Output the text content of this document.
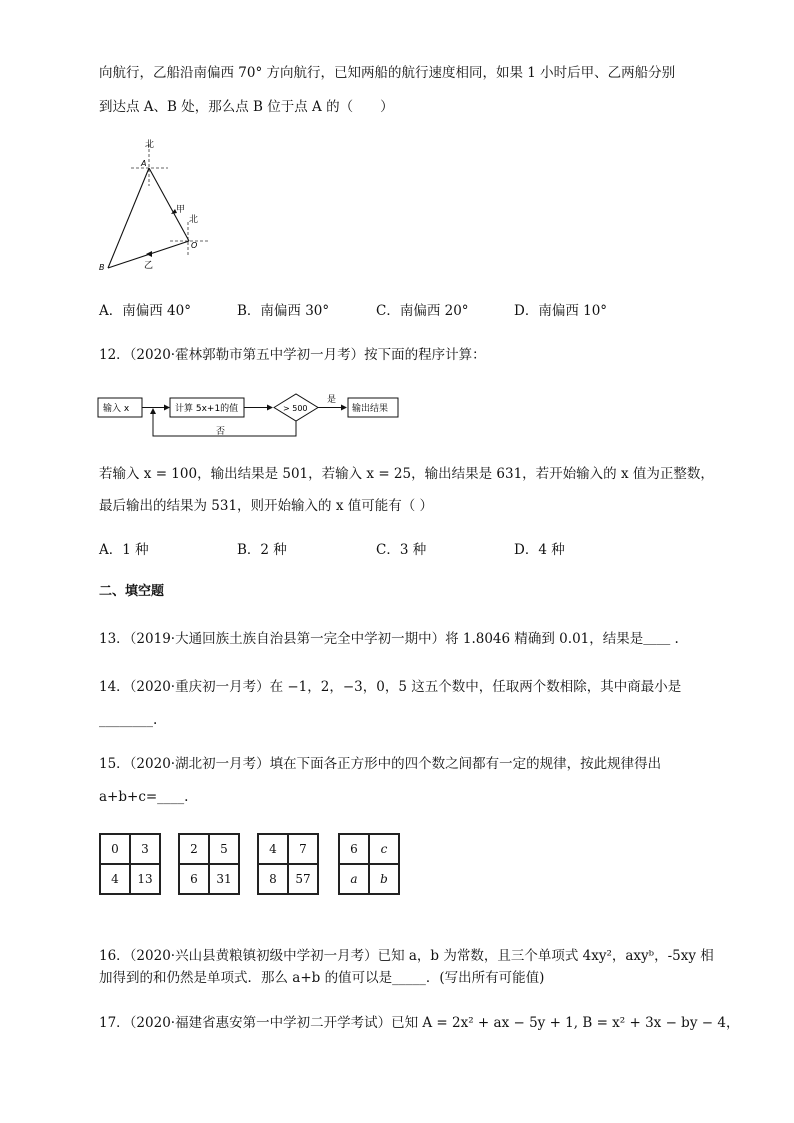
向航行，乙船沿南偏西 70° 方向航行，已知两船的航行速度相同，如果 1 小时后甲、乙两船分别
到达点 A、B 处，那么点 B 位于点 A 的（　　）
北
A
甲
北
O
B	乙
A．南偏西 40°	B．南偏西 30°	C．南偏西 20°	D．南偏西 10°
12．（2020·霍林郭勒市第五中学初一月考）按下面的程序计算：
输入 x	计算 5x+1的值	> 500
是
输出结果
否
若输入 x = 100，输出结果是 501，若输入 x = 25，输出结果是 631，若开始输入的 x 值为正整数，
最后输出的结果为 531，则开始输入的 x 值可能有（ ）
A．1 种	B．2 种	C．3 种	D．4 种
二、填空题
13．（2019·大通回族土族自治县第一完全中学初一期中）将 1.8046 精确到 0.01，结果是＿＿ .
14．（2020·重庆初一月考）在 −1，2，−3，0，5 这五个数中，任取两个数相除，其中商最小是
________.
15．（2020·湖北初一月考）填在下面各正方形中的四个数之间都有一定的规律，按此规律得出
a+b+c=____.
0	3
4	13
2	5
6	31
4	7
8	57
6	c
a	b
16．（2020·兴山县黄粮镇初级中学初一月考）已知 a，b 为常数，且三个单项式 4xy²，axyᵇ，-5xy 相
加得到的和仍然是单项式．那么 a+b 的值可以是_____．(写出所有可能值)
17．（2020·福建省惠安第一中学初二开学考试）已知 A = 2x² + ax − 5y + 1, B = x² + 3x − by − 4，
